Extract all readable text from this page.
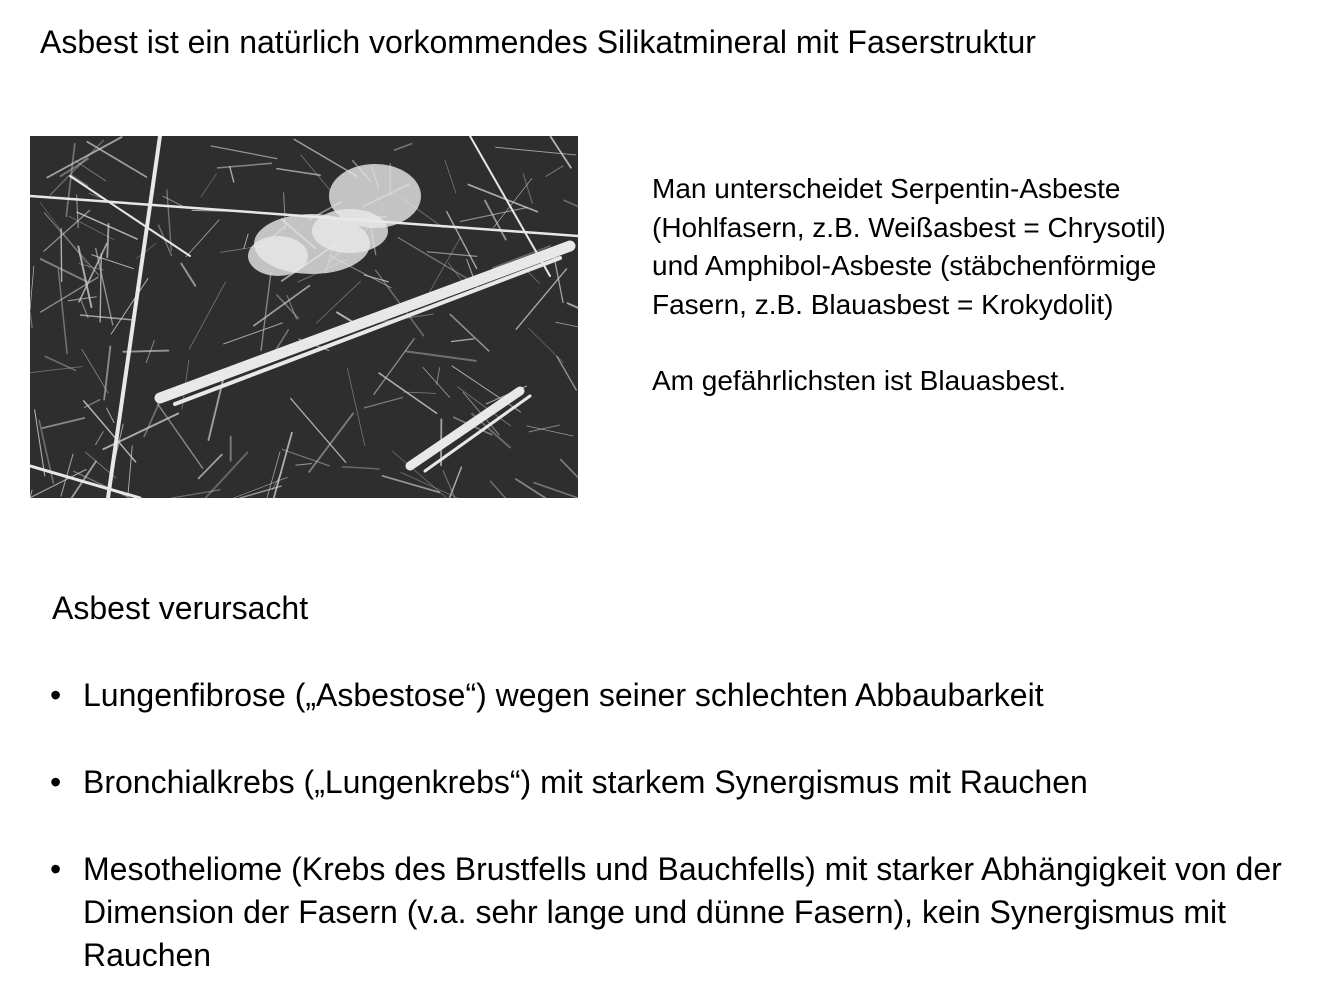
Asbest ist ein natürlich vorkommendes Silikatmineral mit Faserstruktur

Man unterscheidet Serpentin-Asbeste
(Hohlfasern, z.B. Weißasbest = Chrysotil)
und Amphibol-Asbeste (stäbchenförmige
Fasern, z.B. Blauasbest = Krokydolit)

Am gefährlichsten ist Blauasbest.

Asbest verursacht
• Lungenfibrose („Asbestose“) wegen seiner schlechten Abbaubarkeit
• Bronchialkrebs („Lungenkrebs“) mit starkem Synergismus mit Rauchen
• Mesotheliome (Krebs des Brustfells und Bauchfells) mit starker Abhängigkeit von der Dimension der Fasern (v.a. sehr lange und dünne Fasern), kein Synergismus mit Rauchen
